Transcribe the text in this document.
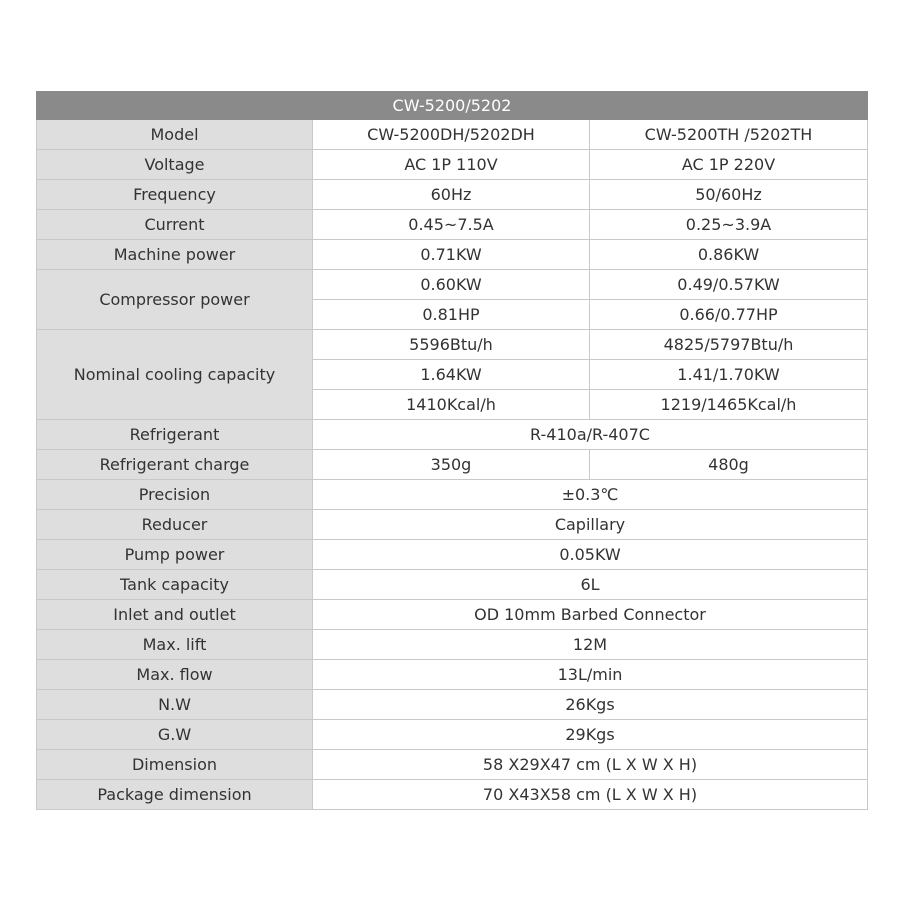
CW-5200/5202		
Model	CW-5200DH/5202DH	CW-5200TH /5202TH
Voltage	AC 1P 110V	AC 1P 220V
Frequency	60Hz	50/60Hz
Current	0.45~7.5A	0.25~3.9A
Machine power	0.71KW	0.86KW
Compressor power	0.60KW	0.49/0.57KW
	0.81HP	0.66/0.77HP
Nominal cooling capacity	5596Btu/h	4825/5797Btu/h
	1.64KW	1.41/1.70KW
	1410Kcal/h	1219/1465Kcal/h
Refrigerant	R-410a/R-407C	
Refrigerant charge	350g	480g
Precision	±0.3℃	
Reducer	Capillary	
Pump power	0.05KW	
Tank capacity	6L	
Inlet and outlet	OD 10mm Barbed Connector	
Max. lift	12M	
Max. flow	13L/min	
N.W	26Kgs	
G.W	29Kgs	
Dimension	58 X29X47 cm (L X W X H)	
Package dimension	70 X43X58 cm (L X W X H)	
